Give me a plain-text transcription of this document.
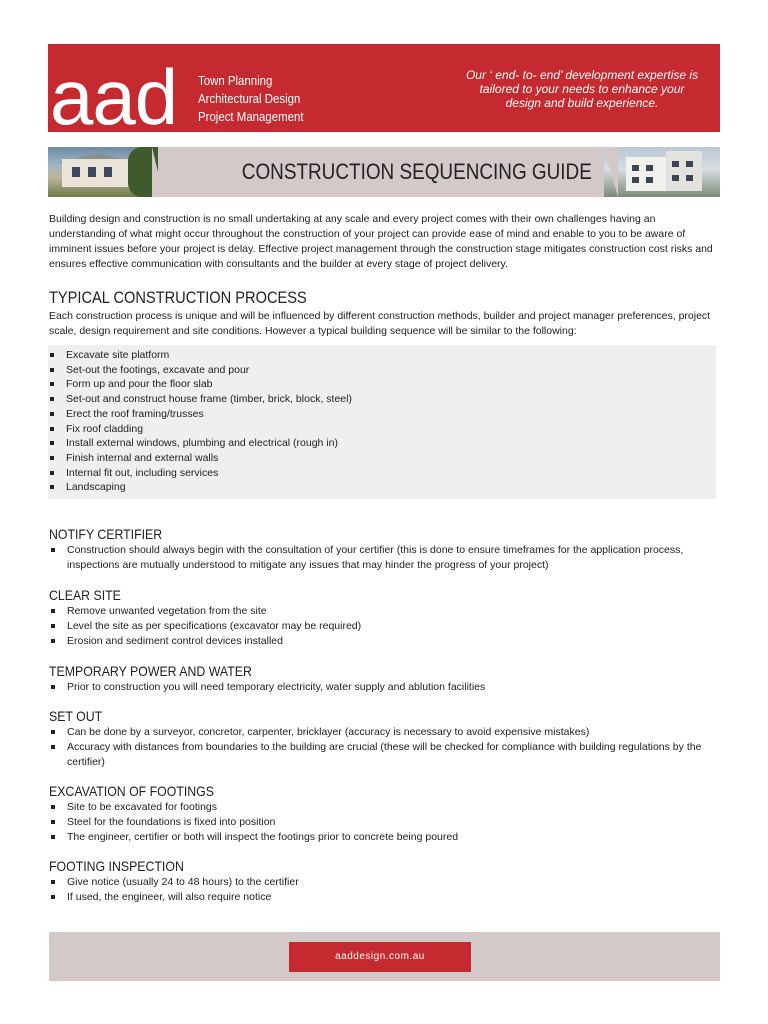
aad Town Planning
Architectural Design
Project Management
Our ‘ end- to- end’ development expertise is tailored to your needs to enhance your design and build experience.
CONSTRUCTION SEQUENCING GUIDE

Building design and construction is no small undertaking at any scale and every project comes with their own challenges having an understanding of what might occur throughout the construction of your project can provide ease of mind and enable to you to be aware of imminent issues before your project is delay. Effective project management through the construction stage mitigates construction cost risks and ensures effective communication with consultants and the builder at every stage of project delivery.

TYPICAL CONSTRUCTION PROCESS

Each construction process is unique and will be influenced by different construction methods, builder and project manager preferences, project scale, design requirement and site conditions. However a typical building sequence will be similar to the following:

Excavate site platform
Set-out the footings, excavate and pour
Form up and pour the floor slab
Set-out and construct house frame (timber, brick, block, steel)
Erect the roof framing/trusses
Fix roof cladding
Install external windows, plumbing and electrical (rough in)
Finish internal and external walls
Internal fit out, including services
Landscaping
NOTIFY CERTIFIER
Construction should always begin with the consultation of your certifier (this is done to ensure timeframes for the application process, inspections are mutually understood to mitigate any issues that may hinder the progress of your project)
CLEAR SITE
Remove unwanted vegetation from the site
Level the site as per specifications (excavator may be required)
Erosion and sediment control devices installed
TEMPORARY POWER AND WATER
Prior to construction you will need temporary electricity, water supply and ablution facilities
SET OUT
Can be done by a surveyor, concretor, carpenter, bricklayer (accuracy is necessary to avoid expensive mistakes)
Accuracy with distances from boundaries to the building are crucial (these will be checked for compliance with building regulations by the certifier)
EXCAVATION OF FOOTINGS
Site to be excavated for footings
Steel for the foundations is fixed into position
The engineer, certifier or both will inspect the footings prior to concrete being poured
FOOTING INSPECTION
Give notice (usually 24 to 48 hours) to the certifier
If used, the engineer, will also require notice
aaddesign.com.au
